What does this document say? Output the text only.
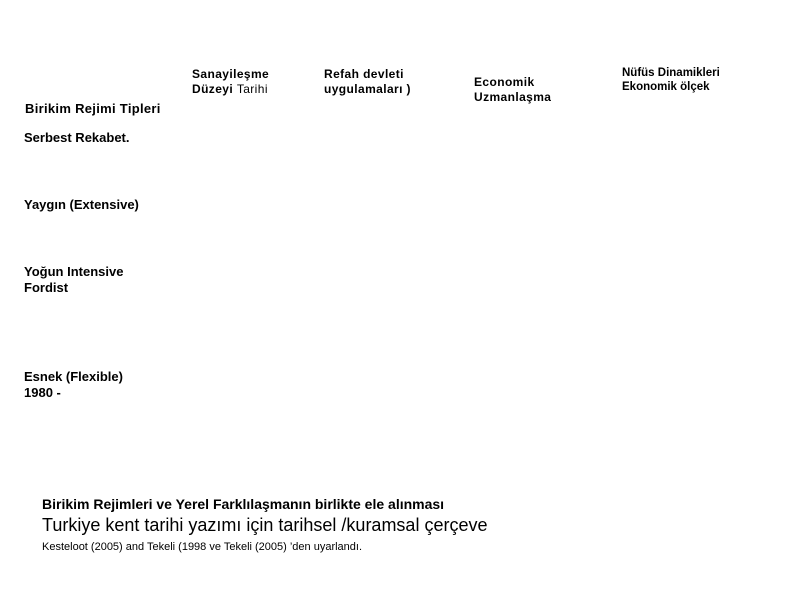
Sanayileşme
Düzeyi Tarihi
Refah devleti
uygulamaları )	Economik
Uzmanlaşma
Nüfüs Dinamikleri
Ekonomik ölçek
Birikim Rejimi Tipleri
Serbest Rekabet.
Yaygın (Extensive)
Yoğun Intensive
Fordist
Esnek (Flexible)
1980 -
Birikim Rejimleri ve Yerel Farklılaşmanın birlikte ele alınması
Turkiye kent tarihi yazımı için tarihsel /kuramsal çerçeve
Kesteloot (2005) and Tekeli (1998 ve Tekeli (2005) ’den uyarlandı.
